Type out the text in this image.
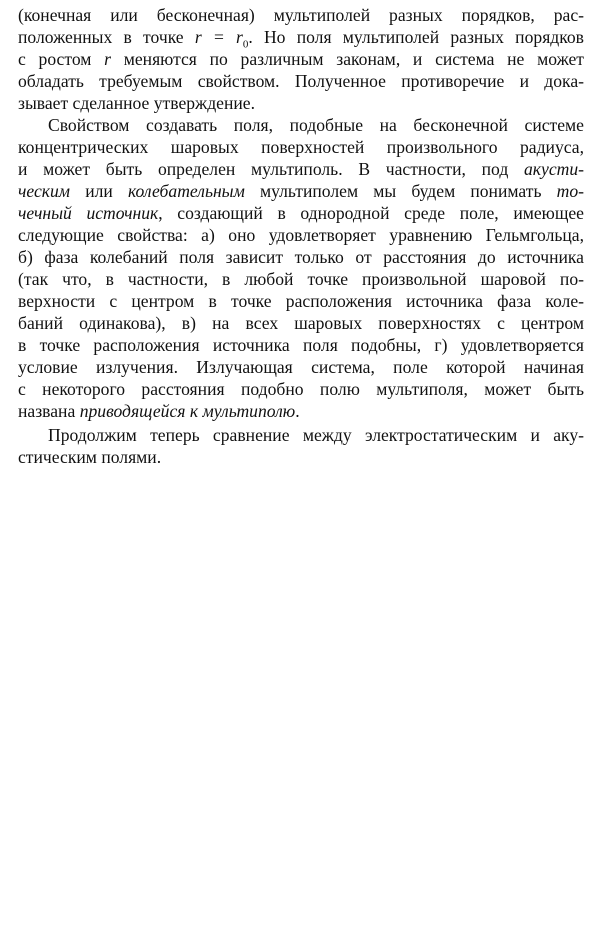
(конечная или бесконечная) мультиполей разных порядков, рас-
положенных в точке $r = r_0$. Но поля мультиполей разных порядков
с ростом r меняются по различным законам, и система не может
обладать требуемым свойством. Полученное противоречие и дока-
зывает сделанное утверждение.
Свойством создавать поля, подобные на бесконечной системе
концентрических шаровых поверхностей произвольного радиуса,
и может быть определен мультиполь. В частности, под акусти-
ческим или колебательным мультиполем мы будем понимать то-
чечный источник, создающий в однородной среде поле, имеющее
следующие свойства: а) оно удовлетворяет уравнению Гельмгольца,
б) фаза колебаний поля зависит только от расстояния до источника
(так что, в частности, в любой точке произвольной шаровой по-
верхности с центром в точке расположения источника фаза коле-
баний одинакова), в) на всех шаровых поверхностях с центром
в точке расположения источника поля подобны, г) удовлетворяется
условие излучения. Излучающая система, поле которой начиная
с некоторого расстояния подобно полю мультиполя, может быть
названа приводящейся к мультиполю.
Продолжим теперь сравнение между электростатическим и аку-
стическим полями.
